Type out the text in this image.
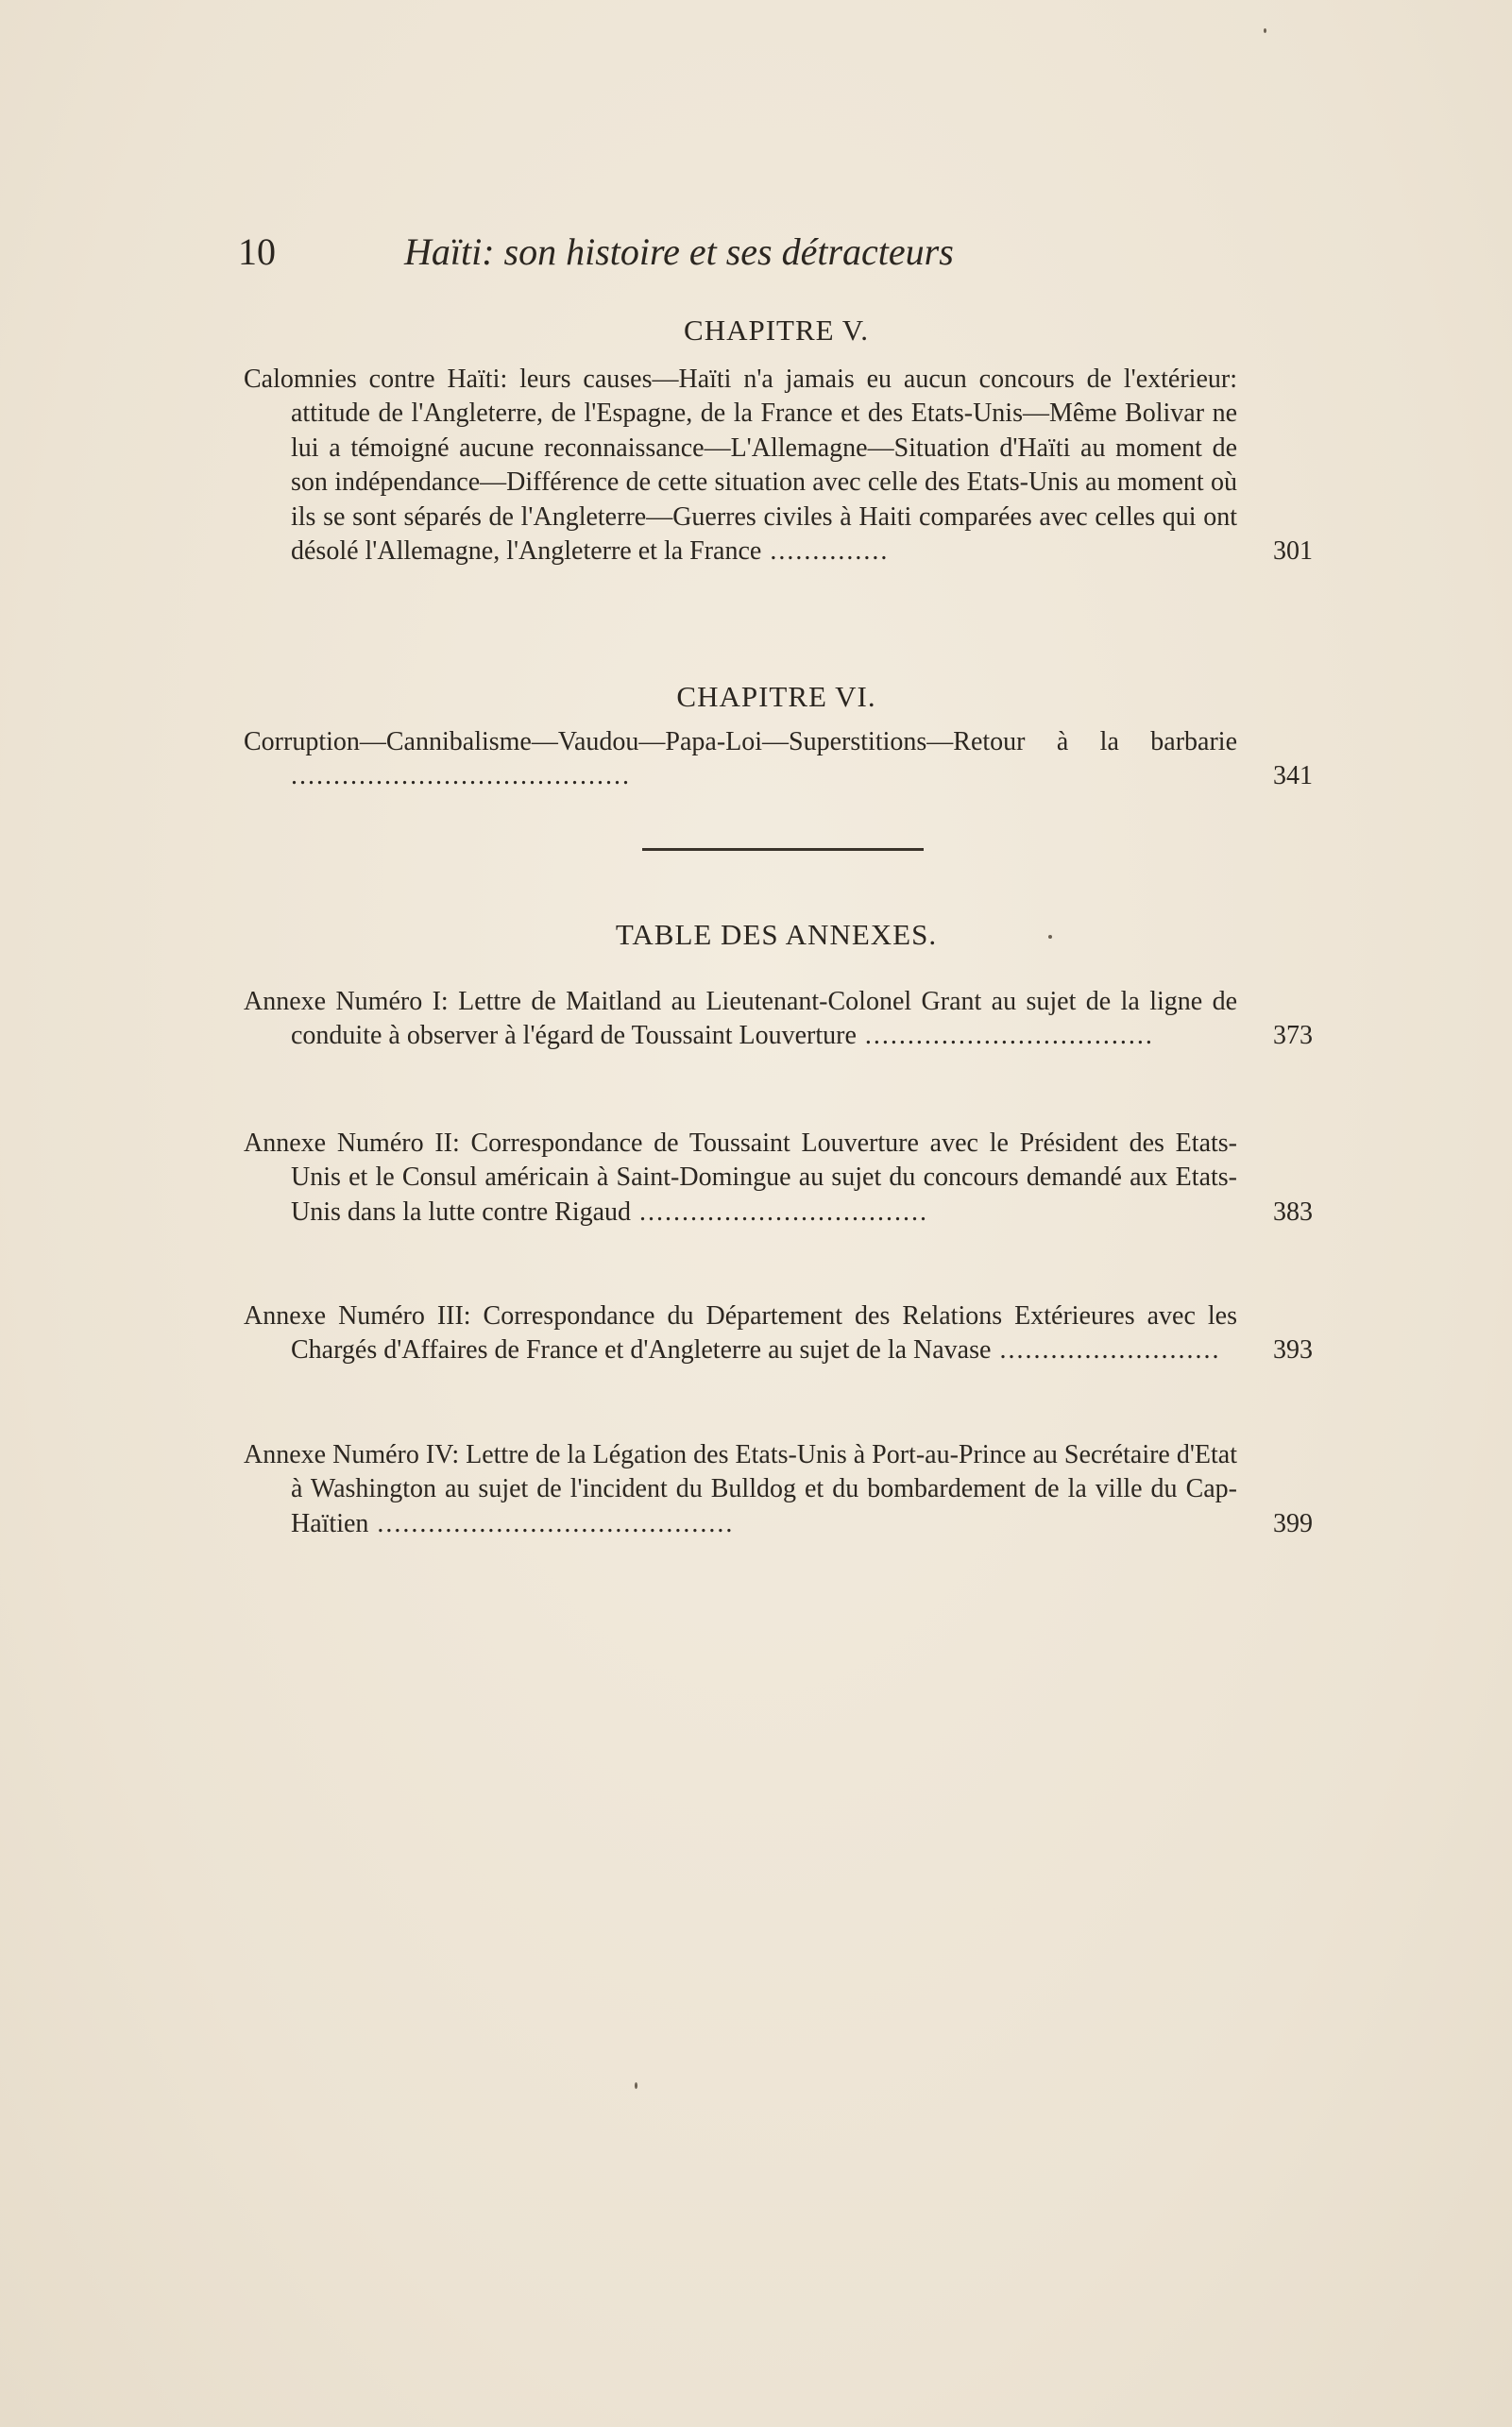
10	Haïti: son histoire et ses détracteurs
CHAPITRE V.
Calomnies contre Haïti: leurs causes—Haïti n'a jamais eu aucun concours de l'extérieur: attitude de l'Angleterre, de l'Espagne, de la France et des Etats-Unis—Même Bolivar ne lui a témoigné aucune reconnaissance—L'Allemagne—Situation d'Haïti au moment de son indépendance—Différence de cette situation avec celle des Etats-Unis au moment où ils se sont séparés de l'Angleterre—Guerres civiles à Haiti comparées avec celles qui ont désolé l'Allemagne, l'Angleterre et la France ..............	301
CHAPITRE VI.
Corruption—Cannibalisme—Vaudou—Papa-Loi—Superstitions—Retour à la barbarie ........................................	341
TABLE DES ANNEXES.
Annexe Numéro I: Lettre de Maitland au Lieutenant-Colonel Grant au sujet de la ligne de conduite à observer à l'égard de Toussaint Louverture ..................................	373
Annexe Numéro II: Correspondance de Toussaint Louverture avec le Président des Etats-Unis et le Consul américain à Saint-Domingue au sujet du concours demandé aux Etats-Unis dans la lutte contre Rigaud ..................................	383
Annexe Numéro III: Correspondance du Département des Relations Extérieures avec les Chargés d'Affaires de France et d'Angleterre au sujet de la Navase ..........................	393
Annexe Numéro IV: Lettre de la Légation des Etats-Unis à Port-au-Prince au Secrétaire d'Etat à Washington au sujet de l'incident du Bulldog et du bombardement de la ville du Cap-Haïtien ..........................................	399
